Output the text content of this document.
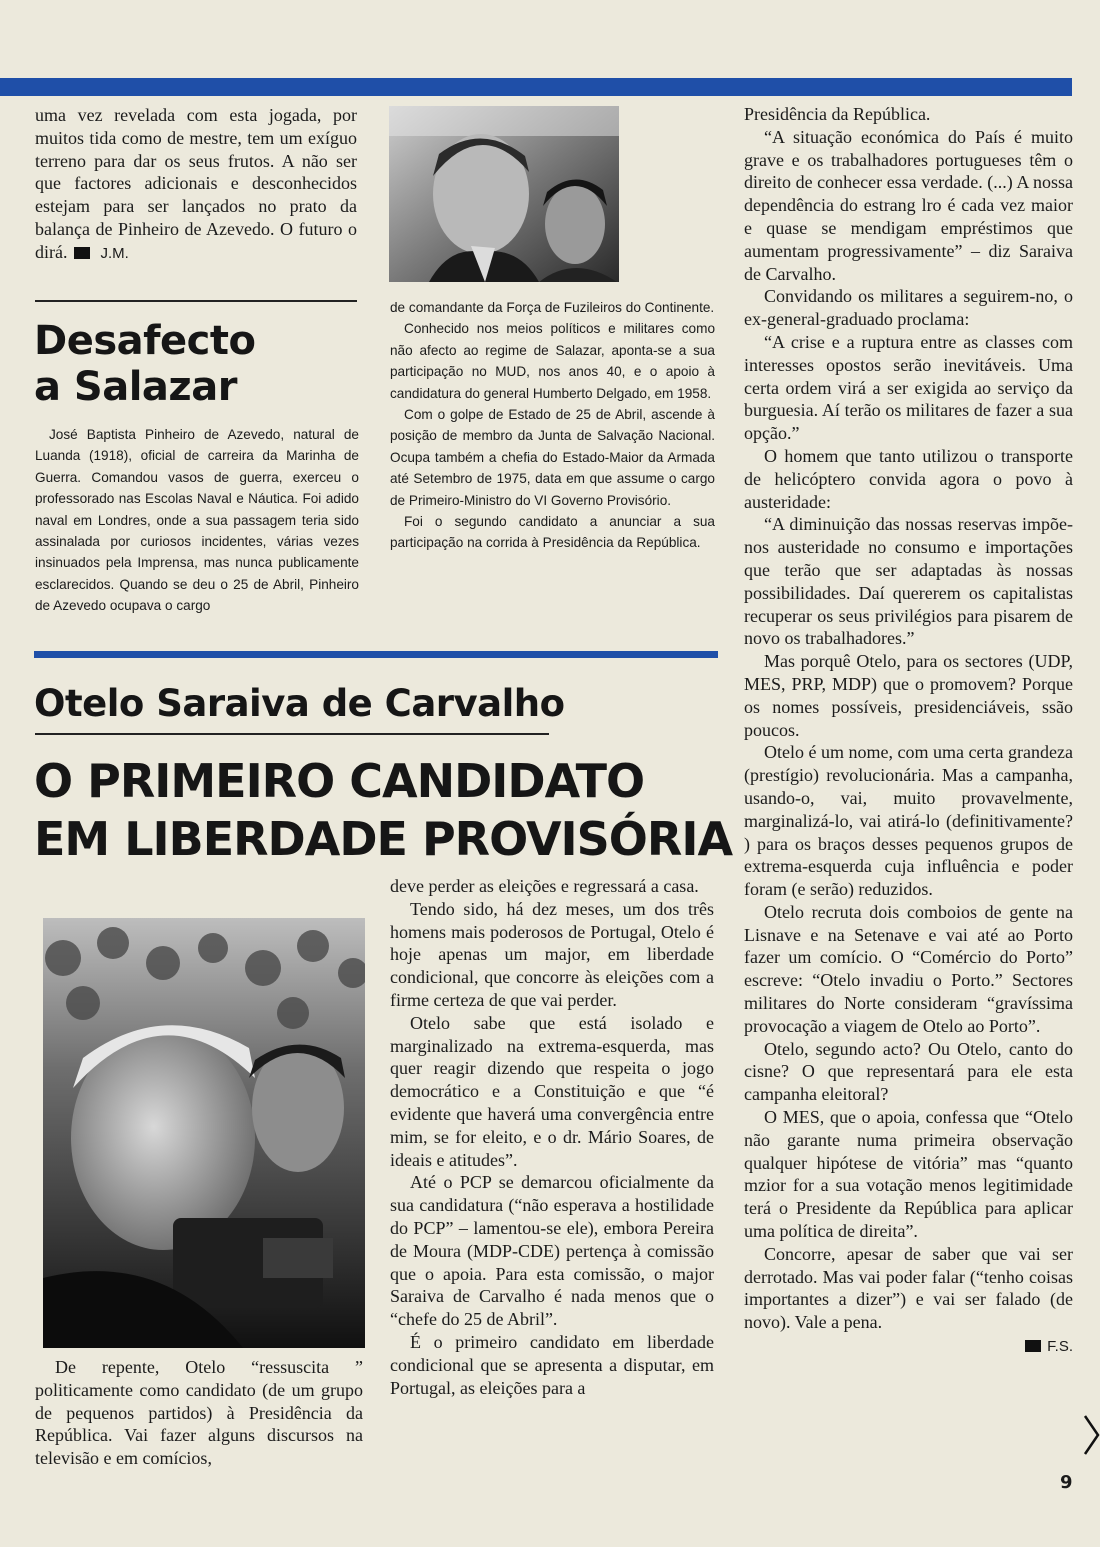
uma vez revelada com esta jogada, por muitos tida como de mestre, tem um exíguo terreno para dar os seus frutos. A não ser que factores adicionais e desconhecidos estejam para ser lançados no prato da balança de Pinheiro de Azevedo. O futuro o dirá. J.M.

Desafecto
a Salazar

José Baptista Pinheiro de Azevedo, natural de Luanda (1918), oficial de carreira da Marinha de Guerra. Comandou vasos de guerra, exerceu o professorado nas Escolas Naval e Náutica. Foi adido naval em Londres, onde a sua passagem teria sido assinalada por curiosos incidentes, várias vezes insinuados pela Imprensa, mas nunca publicamente esclarecidos. Quando se deu o 25 de Abril, Pinheiro de Azevedo ocupava o cargo

de comandante da Força de Fuzileiros do Continente.

Conhecido nos meios políticos e militares como não afecto ao regime de Salazar, aponta-se a sua participação no MUD, nos anos 40, e o apoio à candidatura do general Humberto Delgado, em 1958.

Com o golpe de Estado de 25 de Abril, ascende à posição de membro da Junta de Salvação Nacional. Ocupa também a chefia do Estado-Maior da Armada até Setembro de 1975, data em que assume o cargo de Primeiro-Ministro do VI Governo Provisório.

Foi o segundo candidato a anunciar a sua participação na corrida à Presidência da República.

Otelo Saraiva de Carvalho
O PRIMEIRO CANDIDATO
EM LIBERDADE PROVISÓRIA

De repente, Otelo “ressuscita ” politicamente como candidato (de um grupo de pequenos partidos) à Presidência da República. Vai fazer alguns discursos na televisão e em comícios,

deve perder as eleições e regressará a casa.

Tendo sido, há dez meses, um dos três homens mais poderosos de Portugal, Otelo é hoje apenas um major, em liberdade condicional, que concorre às eleições com a firme certeza de que vai perder.

Otelo sabe que está isolado e marginalizado na extrema-esquerda, mas quer reagir dizendo que respeita o jogo democrático e a Constituição e que “é evidente que haverá uma convergência entre mim, se for eleito, e o dr. Mário Soares, de ideais e atitudes”.

Até o PCP se demarcou oficialmente da sua candidatura (“não esperava a hostilidade do PCP” – lamentou-se ele), embora Pereira de Moura (MDP-CDE) pertença à comissão que o apoia. Para esta comissão, o major Saraiva de Carvalho é nada menos que o “chefe do 25 de Abril”.

É o primeiro candidato em liberdade condicional que se apresenta a disputar, em Portugal, as eleições para a

Presidência da República.

“A situação económica do País é muito grave e os trabalhadores portugueses têm o direito de conhecer essa verdade. (...) A nossa dependência do estrang lro é cada vez maior e quase se mendigam empréstimos que aumentam progressivamente” – diz Saraiva de Carvalho.

Convidando os militares a seguirem-no, o ex-general-graduado proclama:

“A crise e a ruptura entre as classes com interesses opostos serão inevitáveis. Uma certa ordem virá a ser exigida ao serviço da burguesia. Aí terão os militares de fazer a sua opção.”

O homem que tanto utilizou o transporte de helicóptero convida agora o povo à austeridade:

“A diminuição das nossas reservas impõe-nos austeridade no consumo e importações que terão que ser adaptadas às nossas possibilidades. Daí quererem os capitalistas recuperar os seus privilégios para pisarem de novo os trabalhadores.”

Mas porquê Otelo, para os sectores (UDP, MES, PRP, MDP) que o promovem? Porque os nomes possíveis, presidenciáveis, ssão poucos.

Otelo é um nome, com uma certa grandeza (prestígio) revolucionária. Mas a campanha, usando-o, vai, muito provavelmente, marginalizá-lo, vai atirá-lo (definitivamente? ) para os braços desses pequenos grupos de extrema-esquerda cuja influência e poder foram (e serão) reduzidos.

Otelo recruta dois comboios de gente na Lisnave e na Setenave e vai até ao Porto fazer um comício. O “Comércio do Porto” escreve: “Otelo invadiu o Porto.” Sectores militares do Norte consideram “gravíssima provocação a viagem de Otelo ao Porto”.

Otelo, segundo acto? Ou Otelo, canto do cisne? O que representará para ele esta campanha eleitoral?

O MES, que o apoia, confessa que “Otelo não garante numa primeira observação qualquer hipótese de vitória” mas “quanto mzior for a sua votação menos legitimidade terá o Presidente da República para aplicar uma política de direita”.

Concorre, apesar de saber que vai ser derrotado. Mas vai poder falar (“tenho coisas importantes a dizer”) e vai ser falado (de novo). Vale a pena.

F.S.

9
